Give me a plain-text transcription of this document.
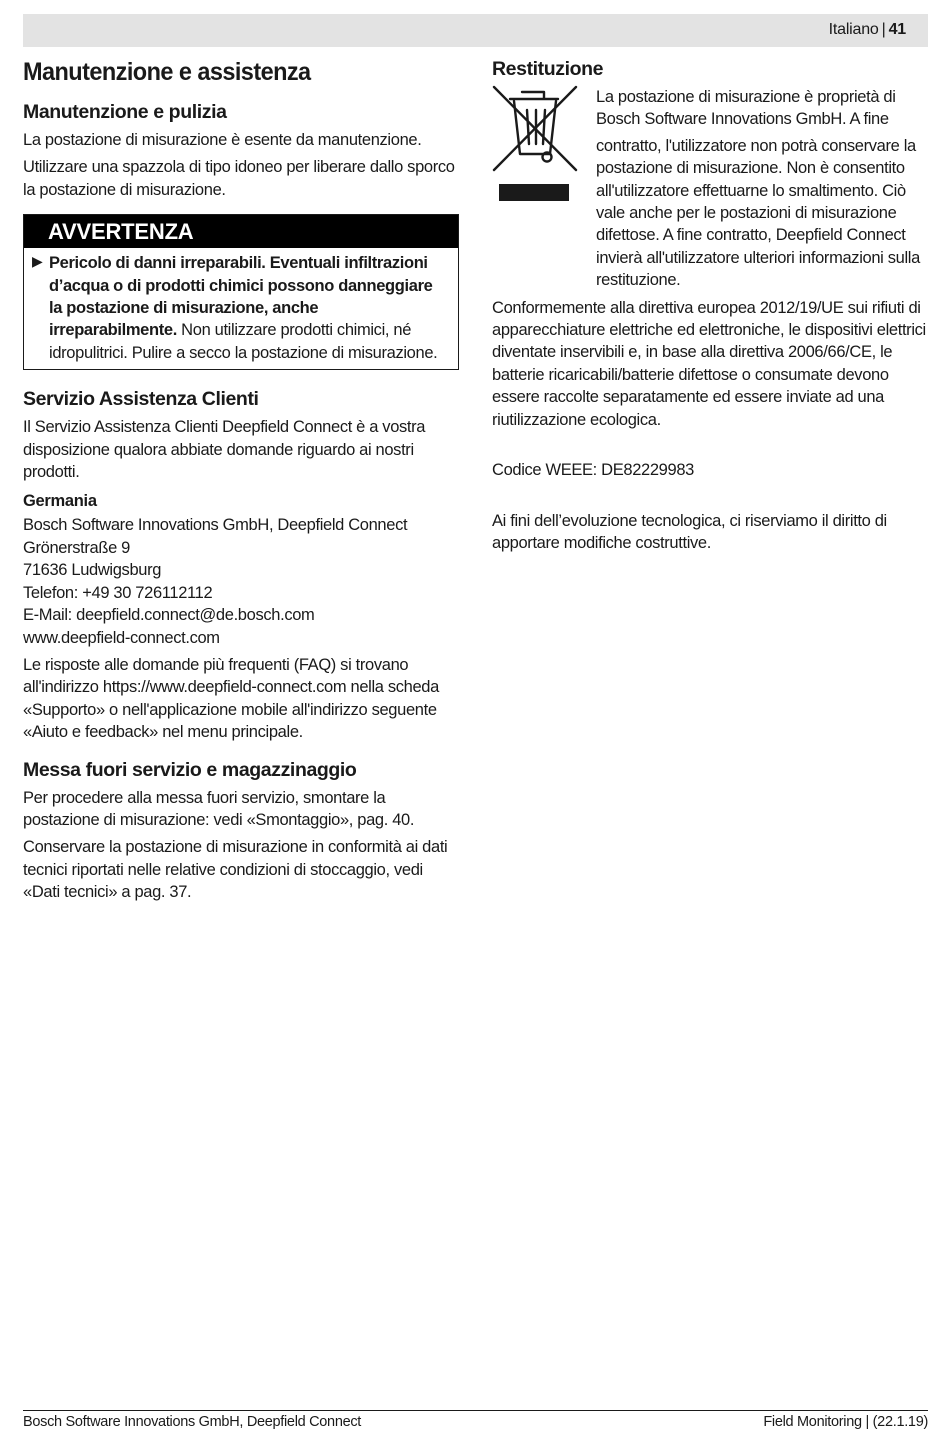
Italiano | 41
Manutenzione e assistenza
Manutenzione e pulizia

La postazione di misurazione è esente da manutenzione.

Utilizzare una spazzola di tipo idoneo per liberare dallo sporco la postazione di misurazione.

AVVERTENZA
▶ Pericolo di danni irreparabili. Eventuali infiltrazioni d’acqua o di prodotti chimici possono danneggiare la postazione di misurazione, anche irreparabilmente. Non utilizzare prodotti chimici, né idropulitrici. Pulire a secco la postazione di misurazione.

Servizio Assistenza Clienti

Il Servizio Assistenza Clienti Deepfield Connect è a vostra disposizione qualora abbiate domande riguardo ai nostri prodotti.

Germania

Bosch Software Innovations GmbH, Deepfield Connect

Grönerstraße 9

71636 Ludwigsburg

Telefon: +49 30 726112112

E-Mail: deepfield.connect@de.bosch.com

www.deepfield-connect.com

Le risposte alle domande più frequenti (FAQ) si trovano all'indirizzo https://www.deepfield-connect.com nella scheda «Supporto» o nell'applicazione mobile all'indirizzo seguente «Aiuto e feedback» nel menu principale.

Messa fuori servizio e magazzinaggio

Per procedere alla messa fuori servizio, smontare la postazione di misurazione: vedi «Smontaggio», pag. 40.

Conservare la postazione di misurazione in conformità ai dati tecnici riportati nelle relative condizioni di stoccaggio, vedi «Dati tecnici» a pag. 37.

Restituzione

La postazione di misurazione è proprietà di Bosch Software Innovations GmbH. A fine

contratto, l'utilizzatore non potrà conservare la postazione di misurazione. Non è consentito all'utilizzatore effettuarne lo smaltimento. Ciò vale anche per le postazioni di misurazione difettose. A fine contratto, Deepfield Connect invierà all'utilizzatore ulteriori informazioni sulla restituzione.

Conformemente alla direttiva europea 2012/19/UE sui rifiuti di apparecchiature elettriche ed elettroniche, le dispositivi elettrici diventate inservibili e, in base alla direttiva 2006/66/CE, le batterie ricaricabili/batterie difettose o consumate devono essere raccolte separatamente ed essere inviate ad una riutilizzazione ecologica.

Codice WEEE: DE82229983

Ai fini dell’evoluzione tecnologica, ci riserviamo il diritto di apportare modifiche costruttive.

Bosch Software Innovations GmbH, Deepfield Connect	Field Monitoring | (22.1.19)
